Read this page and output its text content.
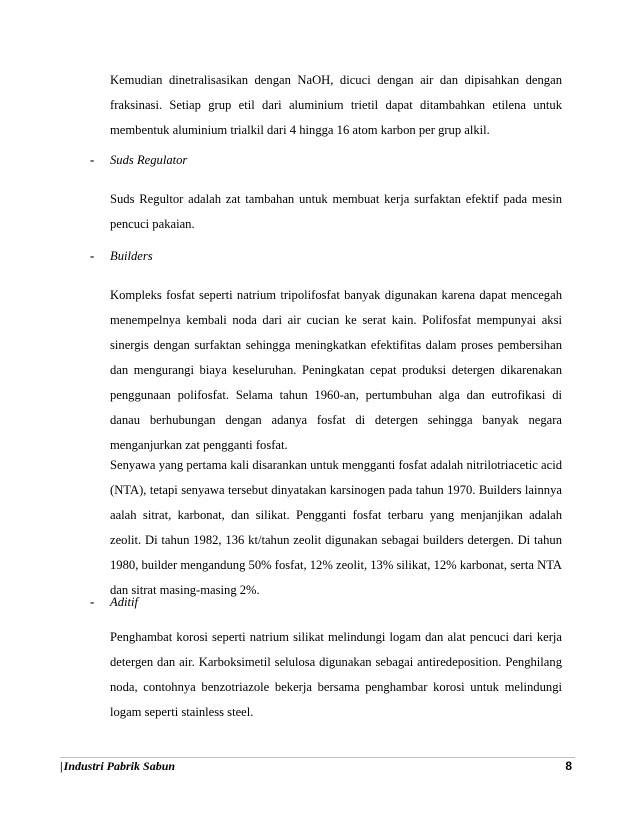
Kemudian dinetralisasikan dengan NaOH, dicuci dengan air dan dipisahkan dengan fraksinasi. Setiap grup etil dari aluminium trietil dapat ditambahkan etilena untuk membentuk aluminium trialkil dari 4 hingga 16 atom karbon per grup alkil.

- Suds Regulator

Suds Regultor adalah zat tambahan untuk membuat kerja surfaktan efektif pada mesin pencuci pakaian.

- Builders

Kompleks fosfat seperti natrium tripolifosfat banyak digunakan karena dapat mencegah menempelnya kembali noda dari air cucian ke serat kain. Polifosfat mempunyai aksi sinergis dengan surfaktan sehingga meningkatkan efektifitas dalam proses pembersihan dan mengurangi biaya keseluruhan. Peningkatan cepat produksi detergen dikarenakan penggunaan polifosfat. Selama tahun 1960-an, pertumbuhan alga dan eutrofikasi di danau berhubungan dengan adanya fosfat di detergen sehingga banyak negara menganjurkan zat pengganti fosfat.

Senyawa yang pertama kali disarankan untuk mengganti fosfat adalah nitrilotriacetic acid (NTA), tetapi senyawa tersebut dinyatakan karsinogen pada tahun 1970. Builders lainnya aalah sitrat, karbonat, dan silikat. Pengganti fosfat terbaru yang menjanjikan adalah zeolit. Di tahun 1982, 136 kt/tahun zeolit digunakan sebagai builders detergen. Di tahun 1980, builder mengandung 50% fosfat, 12% zeolit, 13% silikat, 12% karbonat, serta NTA dan sitrat masing-masing 2%.

- Aditif

Penghambat korosi seperti natrium silikat melindungi logam dan alat pencuci dari kerja detergen dan air. Karboksimetil selulosa digunakan sebagai antiredeposition. Penghilang noda, contohnya benzotriazole bekerja bersama penghambar korosi untuk melindungi logam seperti stainless steel.

|Industri Pabrik Sabun	8
